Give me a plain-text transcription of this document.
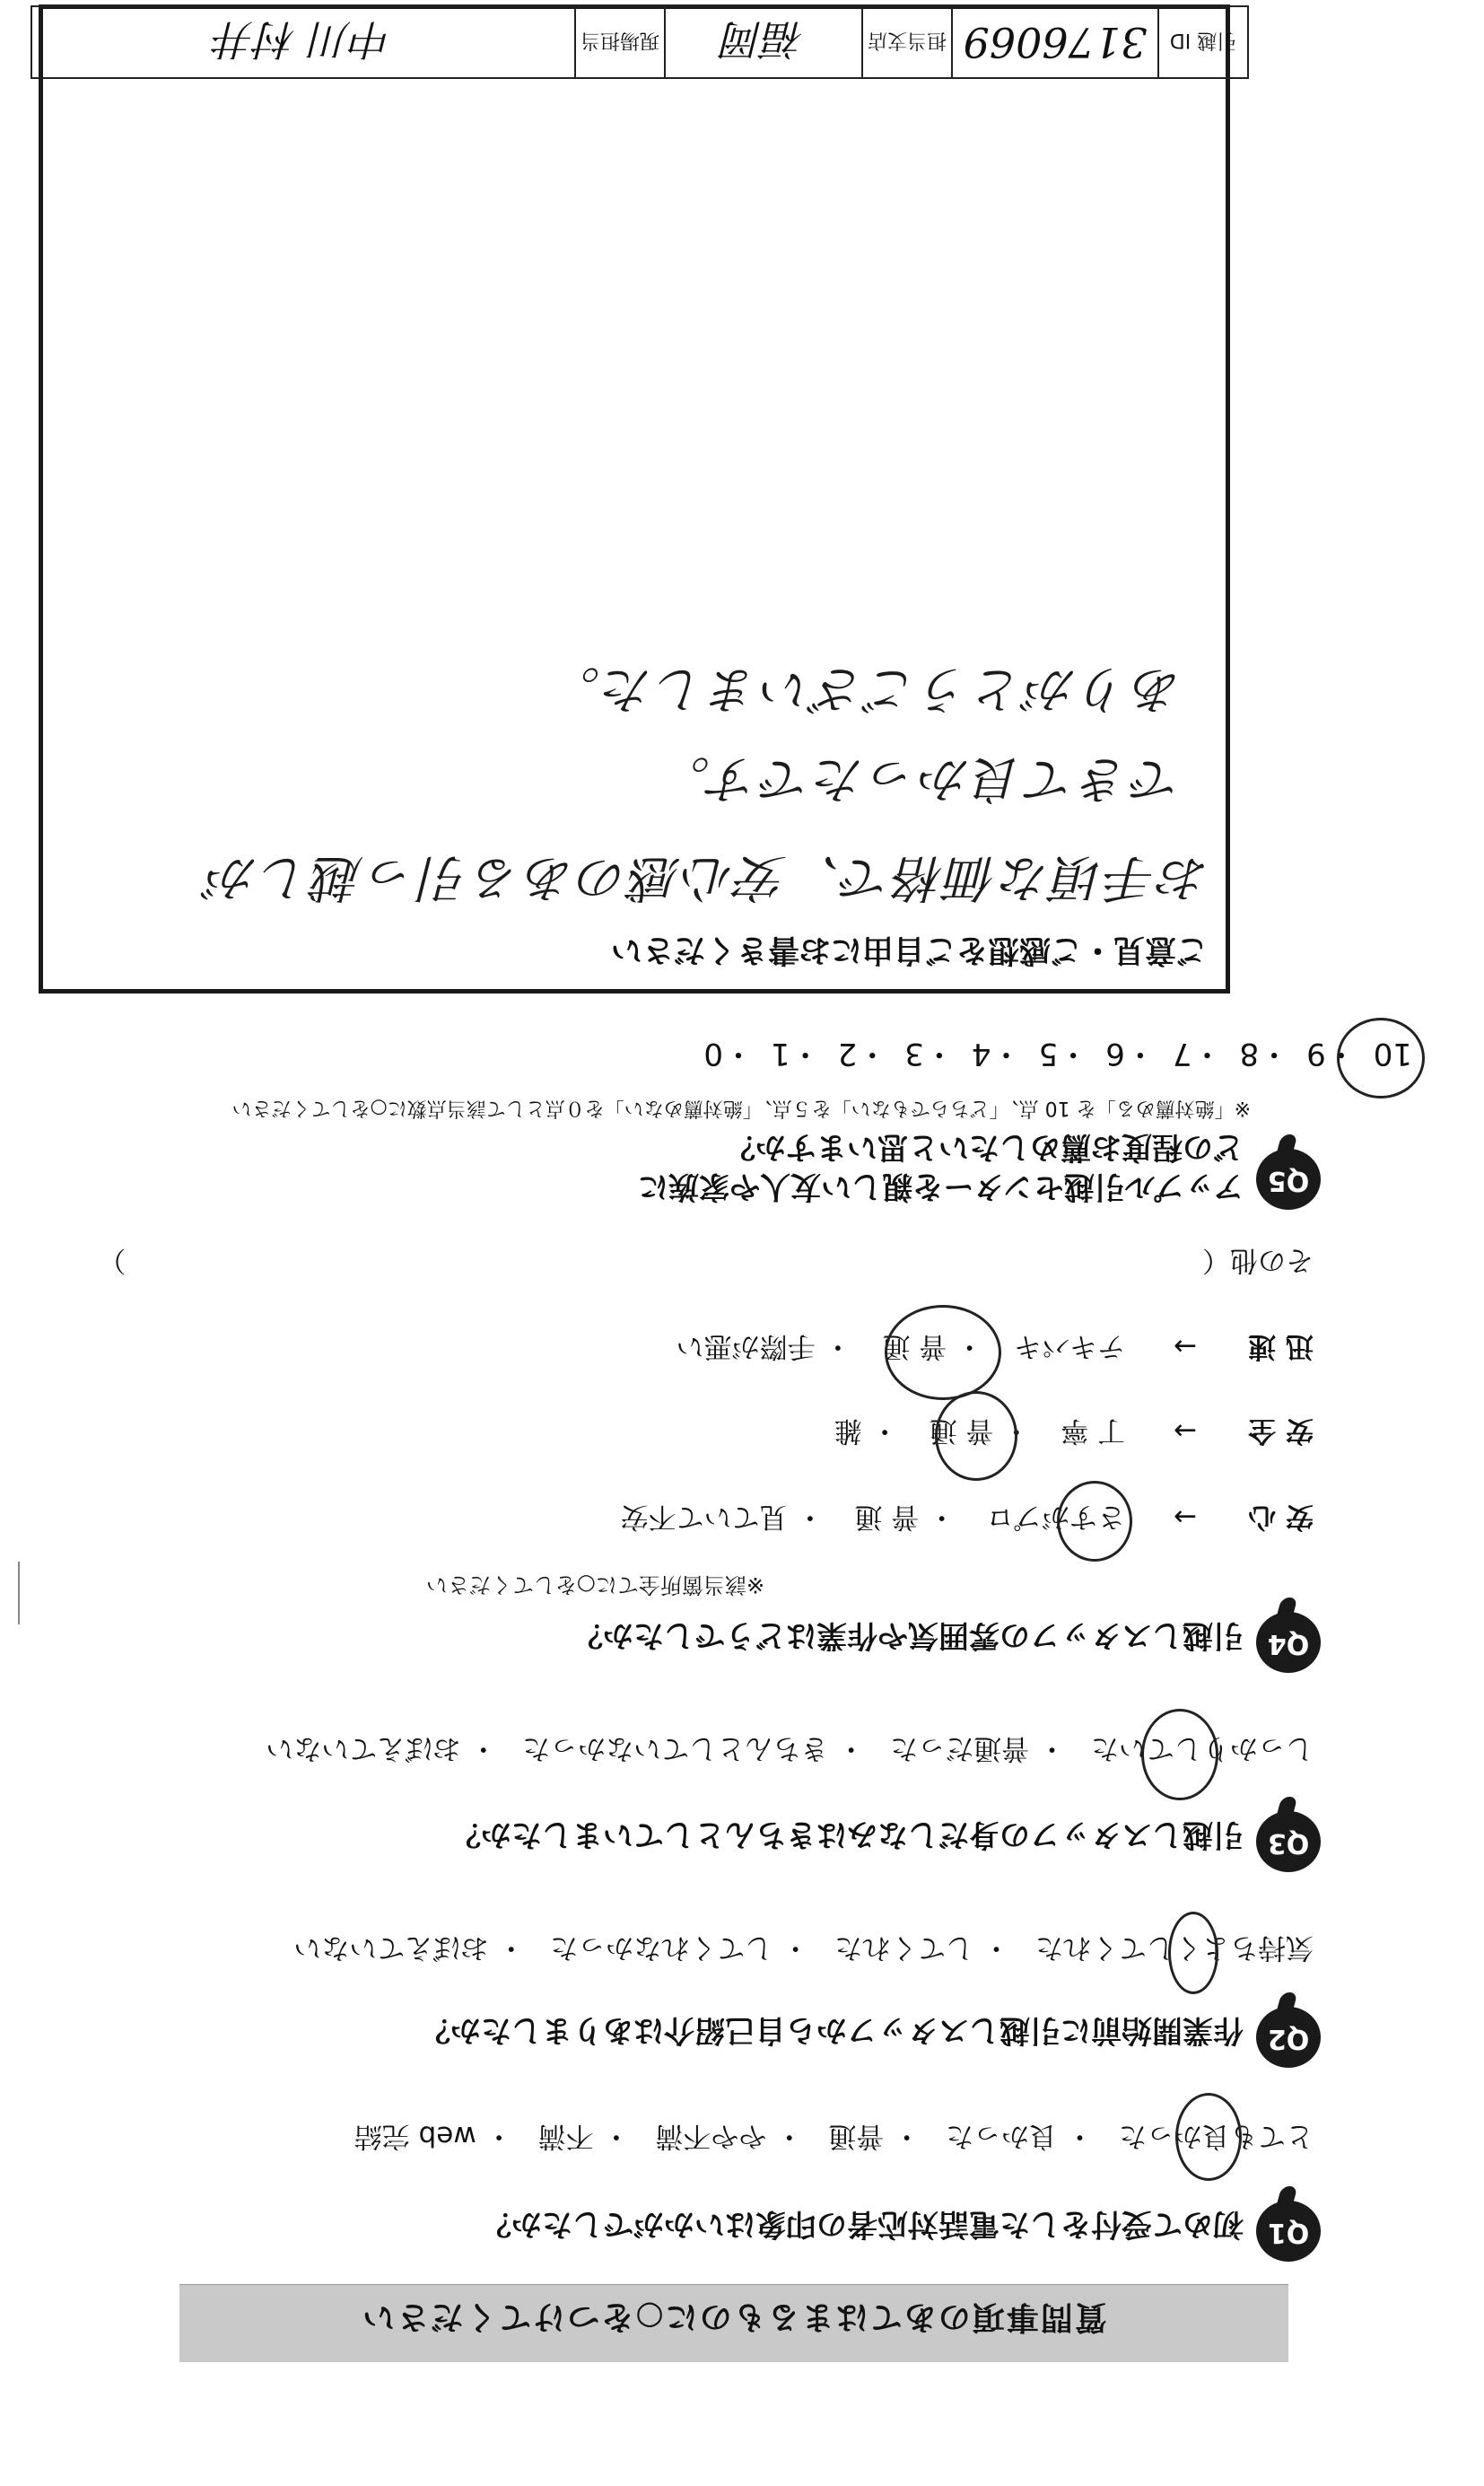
質問事項のあてはまるものに○をつけてください
Q1
初めて受付をした電話対応者の印象はいかがでしたか？
とても良かった・ 良かった・ 普通・ やや不満・ 不満・ web 完結
Q2
作業開始前に引越しスタッフから自己紹介はありましたか？
気持ちよくしてくれた・ してくれた・ してくれなかった・ おぼえていない
Q3
引越しスタッフの身だしなみはきちんとしていましたか？
しっかりしていた・ 普通だった・ きちんとしていなかった・ おぼえていない
Q4
引越しスタッフの雰囲気や作業はどうでしたか？
※該当箇所全てに○をしてください
安 心→ さすがプロ・ 普 通・ 見ていて不安
安 全→ 丁 寧・ 普 通・ 雑
迅 速→ テキパキ・ 普 通・ 手際が悪い
その他（  ）
Q5
アップル引越センターを親しい友人や家族に
どの程度お薦めしたいと思いますか？
※「絶対薦める」を 10 点、「どちらでもない」を５点、「絶対薦めない」を０点として該当点数に○をしてください
10・9・8・7・6・5・4・3・2・1・0
ご意見・ご感想をご自由にお書きください
お手頃な価格で、安心感のある引っ越しが
できて良かったです。
ありがとうございました。
引越 ID
3176069
担当支店
福岡
現場担当
中川 村井
